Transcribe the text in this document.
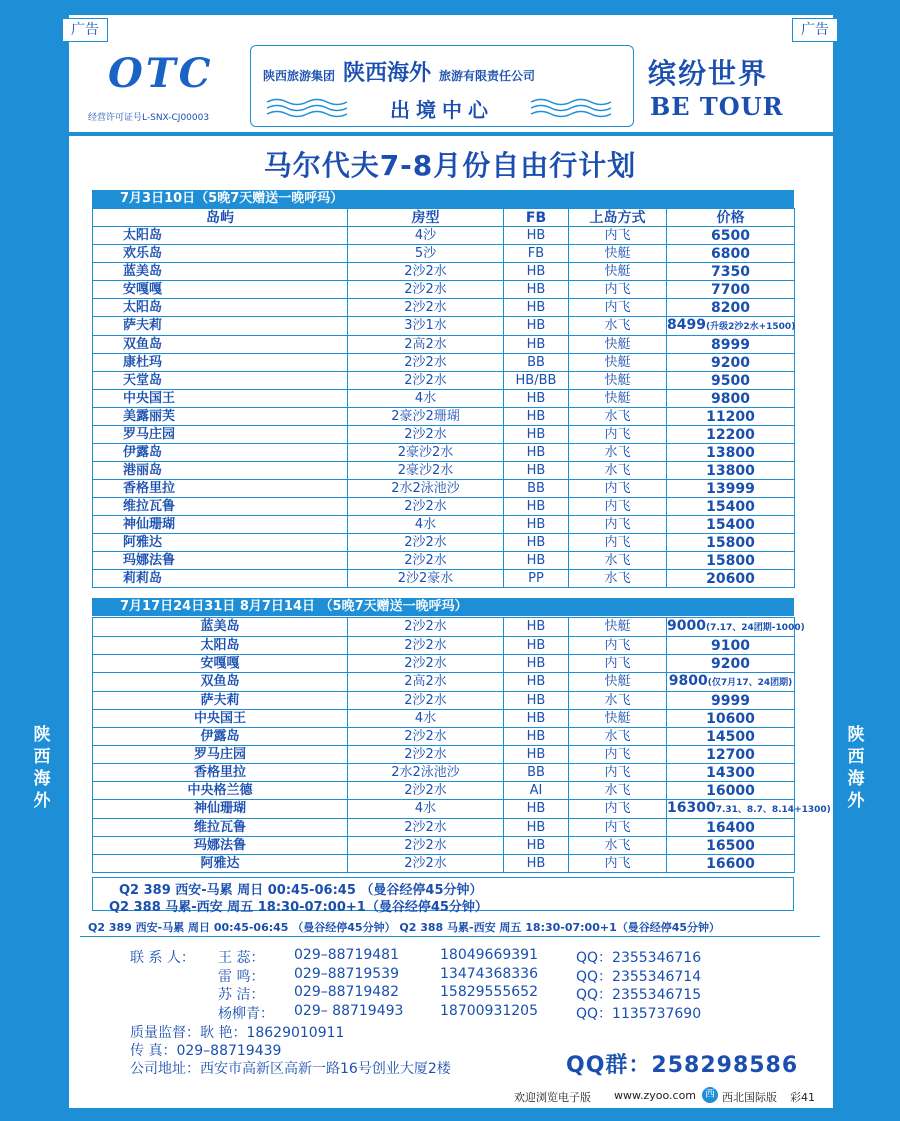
广告	广告
陕西海外
陕西海外
OTC
经营许可证号L-SNX-CJ00003
陕西旅游集团 陕西海外 旅游有限责任公司
出境中心
缤纷世界
BE TOUR
马尔代夫7-8月份自由行计划
7月3日10日（5晚7天赠送一晚呼玛）
岛屿	房型	FB	上岛方式	价格
太阳岛	4沙	HB	内飞	6500
欢乐岛	5沙	FB	快艇	6800
蓝美岛	2沙2水	HB	快艇	7350
安嘎嘎	2沙2水	HB	内飞	7700
太阳岛	2沙2水	HB	内飞	8200
萨夫莉	3沙1水	HB	水飞	8499(升级2沙2水+1500)
双鱼岛	2高2水	HB	快艇	8999
康杜玛	2沙2水	BB	快艇	9200
天堂岛	2沙2水	HB/BB	快艇	9500
中央国王	4水	HB	快艇	9800
美露丽芙	2豪沙2珊瑚	HB	水飞	11200
罗马庄园	2沙2水	HB	内飞	12200
伊露岛	2豪沙2水	HB	水飞	13800
港丽岛	2豪沙2水	HB	水飞	13800
香格里拉	2水2泳池沙	BB	内飞	13999
维拉瓦鲁	2沙2水	HB	内飞	15400
神仙珊瑚	4水	HB	内飞	15400
阿雅达	2沙2水	HB	内飞	15800
玛娜法鲁	2沙2水	HB	水飞	15800
莉莉岛	2沙2豪水	PP	水飞	20600
7月17日24日31日 8月7日14日 （5晚7天赠送一晚呼玛）
蓝美岛	2沙2水	HB	快艇	9000(7.17、24团期-1000)
太阳岛	2沙2水	HB	内飞	9100
安嘎嘎	2沙2水	HB	内飞	9200
双鱼岛	2高2水	HB	快艇	9800(仅7月17、24团期)
萨夫莉	2沙2水	HB	水飞	9999
中央国王	4水	HB	快艇	10600
伊露岛	2沙2水	HB	水飞	14500
罗马庄园	2沙2水	HB	内飞	12700
香格里拉	2水2泳池沙	BB	内飞	14300
中央格兰德	2沙2水	AI	水飞	16000
神仙珊瑚	4水	HB	内飞	163007.31、8.7、8.14+1300)
维拉瓦鲁	2沙2水	HB	内飞	16400
玛娜法鲁	2沙2水	HB	水飞	16500
阿雅达	2沙2水	HB	内飞	16600
Q2 389 西安-马累 周日 00:45-06:45 （曼谷经停45分钟）
Q2 388 马累-西安 周五 18:30-07:00+1（曼谷经停45分钟）
Q2 389 西安-马累 周日 00:45-06:45 （曼谷经停45分钟） Q2 388 马累-西安 周五 18:30-07:00+1（曼谷经停45分钟）
联 系 人： 王 蕊： 029–88719481	18049669391	QQ：2355346716
雷 鸣： 029–88719539	13474368336	QQ：2355346714
苏 洁： 029–88719482	15829555652	QQ：2355346715
杨柳青： 029– 88719493	18700931205	QQ：1135737690
质量监督：耿 艳：18629010911
传 真：029–88719439
公司地址：西安市高新区高新一路16号创业大厦2楼	QQ群：258298586
欢迎浏览电子版 www.zyoo.com 西 西北国际版 彩41
